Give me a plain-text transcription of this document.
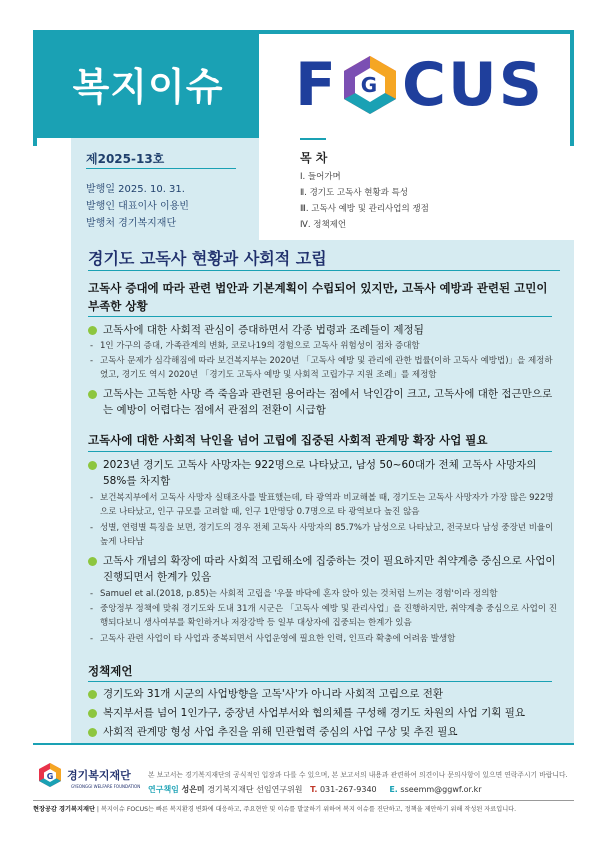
복지이슈	F G CUS
제2025-13호
발행일 2025. 10. 31.
발행인 대표이사 이용빈
발행처 경기복지재단
목 차
Ⅰ. 들어가며
Ⅱ. 경기도 고독사 현황과 특성
Ⅲ. 고독사 예방 및 관리사업의 쟁점
Ⅳ. 정책제언
경기도 고독사 현황과 사회적 고립
고독사 증대에 따라 관련 법안과 기본계획이 수립되어 있지만, 고독사 예방과 관련된 고민이 부족한 상황
고독사에 대한 사회적 관심이 증대하면서 각종 법령과 조례들이 제정됨
- 1인 가구의 증대, 가족관계의 변화, 코로나19의 경험으로 고독사 위험성이 점차 증대함
- 고독사 문제가 심각해짐에 따라 보건복지부는 2020년 「고독사 예방 및 관리에 관한 법률(이하 고독사 예방법)」을 제정하였고, 경기도 역시 2020년 「경기도 고독사 예방 및 사회적 고립가구 지원 조례」를 제정함
고독사는 고독한 사망 즉 죽음과 관련된 용어라는 점에서 낙인감이 크고, 고독사에 대한 접근만으로는 예방이 어렵다는 점에서 관점의 전환이 시급함
고독사에 대한 사회적 낙인을 넘어 고립에 집중된 사회적 관계망 확장 사업 필요
2023년 경기도 고독사 사망자는 922명으로 나타났고, 남성 50~60대가 전체 고독사 사망자의 58%를 차지함
- 보건복지부에서 고독사 사망자 실태조사를 발표했는데, 타 광역과 비교해볼 때, 경기도는 고독사 사망자가 가장 많은 922명으로 나타났고, 인구 규모를 고려할 때, 인구 1만명당 0.7명으로 타 광역보다 높진 않음
- 성별, 연령별 특징을 보면, 경기도의 경우 전체 고독사 사망자의 85.7%가 남성으로 나타났고, 전국보다 남성 중장년 비율이 높게 나타남
고독사 개념의 확장에 따라 사회적 고립해소에 집중하는 것이 필요하지만 취약계층 중심으로 사업이 진행되면서 한계가 있음
- Samuel et al.(2018, p.85)는 사회적 고립을 '우물 바닥에 혼자 앉아 있는 것처럼 느끼는 경험'이라 정의함
- 중앙정부 정책에 맞춰 경기도와 도내 31개 시군은 「고독사 예방 및 관리사업」을 진행하지만, 취약계층 중심으로 사업이 진행되다보니 생사여부를 확인하거나 저장강박 등 일부 대상자에 집중되는 한계가 있음
- 고독사 관련 사업이 타 사업과 중복되면서 사업운영에 필요한 인력, 인프라 확충에 어려움 발생함
정책제언
경기도와 31개 시군의 사업방향을 고독'사'가 아니라 사회적 고립으로 전환
복지부서를 넘어 1인가구, 중장년 사업부서와 협의체를 구성해 경기도 차원의 사업 기획 필요
사회적 관계망 형성 사업 추진을 위해 민관협력 중심의 사업 구상 및 추진 필요
G 경기복지재단
GYEONGGI WELFARE FOUNDATION
본 보고서는 경기복지재단의 공식적인 입장과 다를 수 있으며, 본 보고서의 내용과 관련하여 의견이나 문의사항이 있으면 연락주시기 바랍니다.
연구책임 성은미 경기복지재단 선임연구위원 T. 031-267-9340 E. sseemm@ggwf.or.kr
현장공감 경기복지재단 | 복지이슈 FOCUS는 빠른 복지환경 변화에 대응하고, 주요현안 및 이슈를 발굴하기 위하여 복지 이슈를 진단하고, 정책을 제안하기 위해 작성된 자료입니다.
